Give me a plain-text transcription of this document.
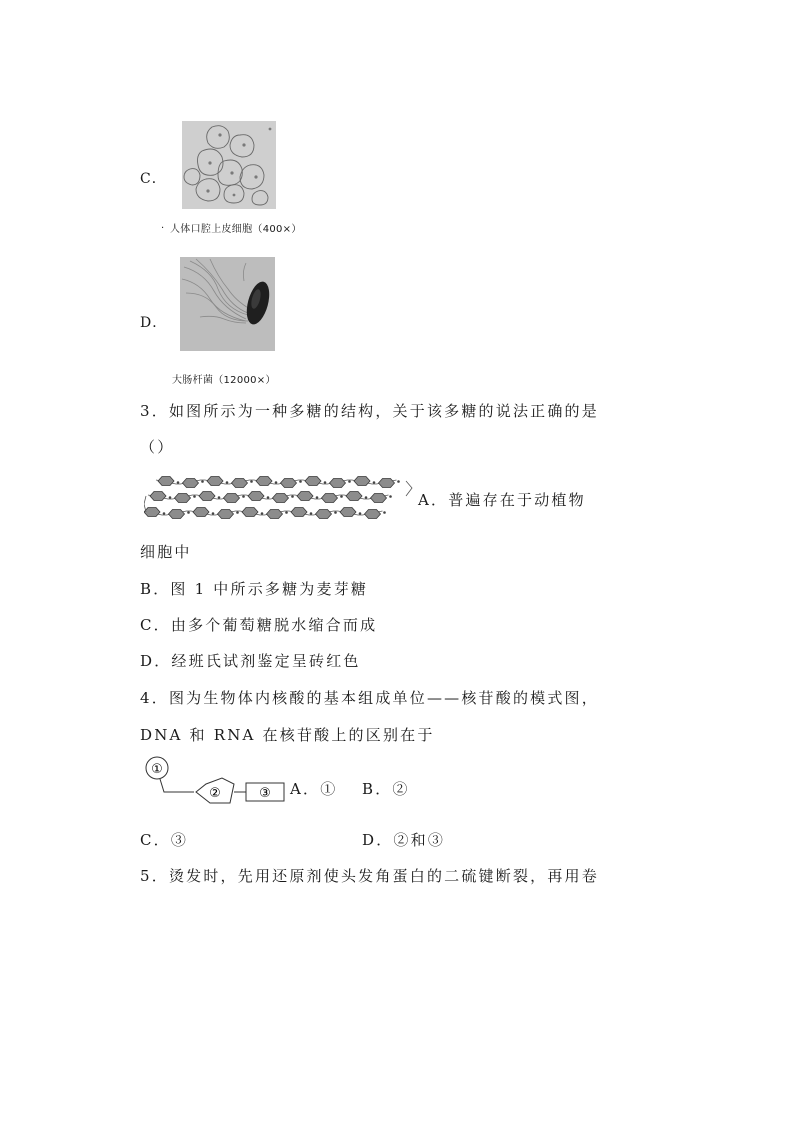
C．
. 人体口腔上皮细胞（400×）
D．
大肠杆菌（12000×）
3．如图所示为一种多糖的结构，关于该多糖的说法正确的是
（）
A．普遍存在于动植物
细胞中
B．图 1 中所示多糖为麦芽糖
C．由多个葡萄糖脱水缩合而成
D．经班氏试剂鉴定呈砖红色
4．图为生物体内核酸的基本组成单位——核苷酸的模式图，
DNA 和 RNA 在核苷酸上的区别在于
①
②	③ A．① B．②
C．③	D．②和③
5．烫发时，先用还原剂使头发角蛋白的二硫键断裂，再用卷
